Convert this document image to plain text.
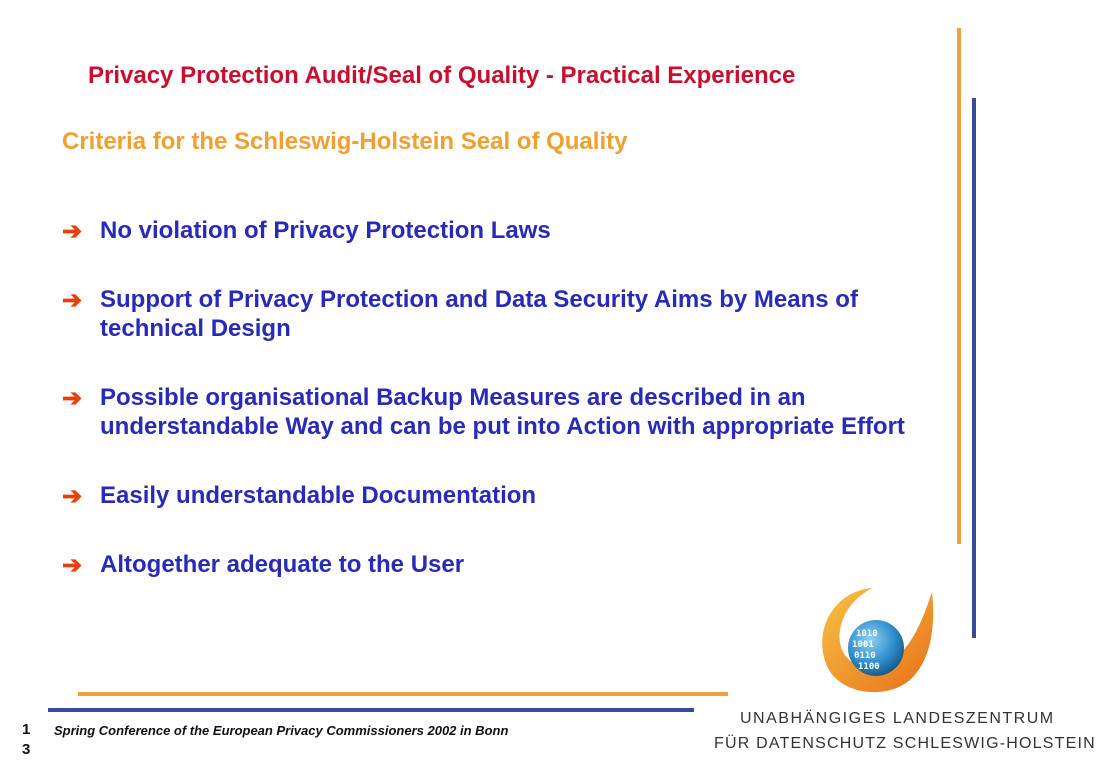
Privacy Protection Audit/Seal of Quality - Practical Experience
Criteria for the Schleswig-Holstein Seal of Quality
➔ No violation of Privacy Protection Laws
➔ Support of Privacy Protection and Data Security Aims by Means of technical Design
➔ Possible organisational Backup Measures are described in an understandable Way and can be put into Action with appropriate Effort
➔ Easily understandable Documentation
➔ Altogether adequate to the User
13
Spring Conference of the European Privacy Commissioners 2002 in Bonn
1010
1001
0110
1100
UNABHÄNGIGES LANDESZENTRUM
FÜR DATENSCHUTZ SCHLESWIG-HOLSTEIN
